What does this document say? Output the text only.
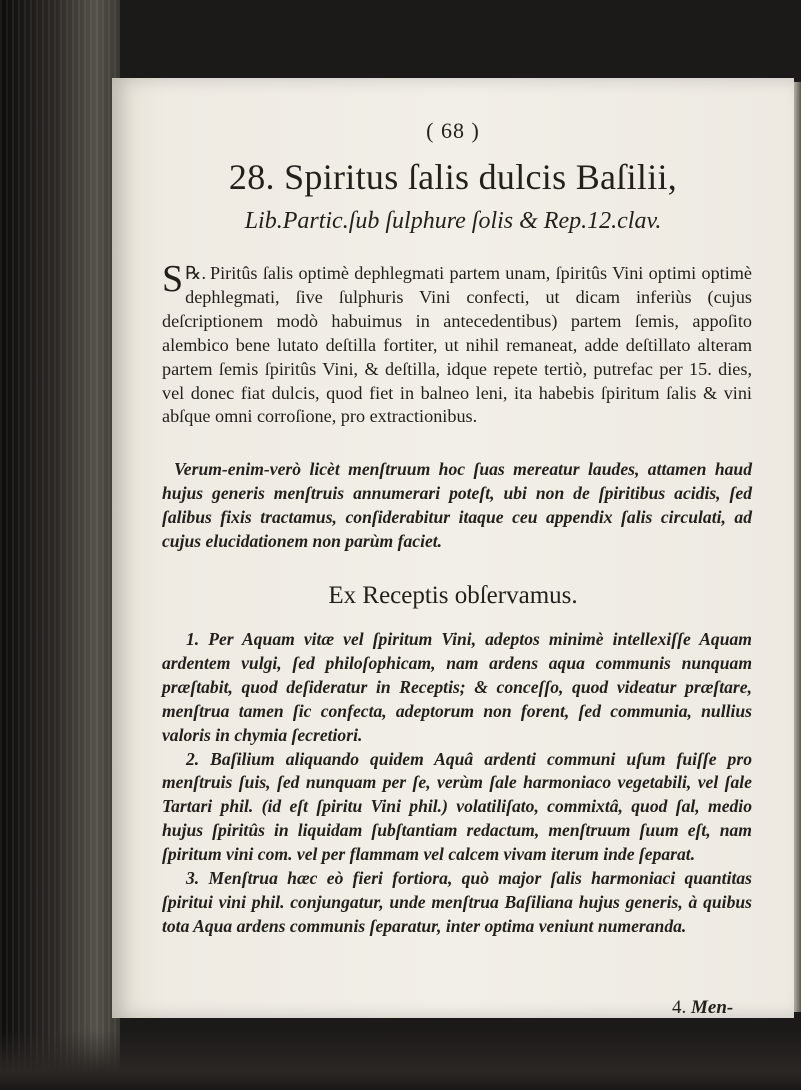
( 68 )
28. Spiritus ſalis dulcis Baſilii,
Lib.Partic.ſub ſulphure ſolis & Rep.12.clav.
℞.
S Piritûs ſalis optimè dephlegmati partem unam, ſpiritûs Vini optimi optimè dephlegmati, ſive ſulphuris Vini confecti, ut dicam inferiùs (cujus deſcriptionem modò habuimus in antecedentibus) partem ſemis, appoſito alembico bene lutato deſtilla fortiter, ut nihil remaneat, adde deſtillato alteram partem ſemis ſpiritûs Vini, & deſtilla, idque repete tertiò, putrefac per 15. dies, vel donec fiat dulcis, quod fiet in balneo leni, ita habebis ſpiritum ſalis & vini abſque omni corroſione, pro extractionibus.
Verum-enim-verò licèt menſtruum hoc ſuas mereatur laudes, attamen haud hujus generis menſtruis annumerari poteſt, ubi non de ſpiritibus acidis, ſed ſalibus fixis tractamus, conſiderabitur itaque ceu appendix ſalis circulati, ad cujus elucidationem non parùm faciet.
Ex Receptis obſervamus.

1. Per Aquam vitæ vel ſpiritum Vini, adeptos minimè intellexiſſe Aquam ardentem vulgi, ſed philoſophicam, nam ardens aqua communis nunquam præſtabit, quod deſideratur in Receptis; & conceſſo, quod videatur præſtare, menſtrua tamen ſic confecta, adeptorum non forent, ſed communia, nullius valoris in chymia ſecretiori.

2. Baſilium aliquando quidem Aquâ ardenti communi uſum fuiſſe pro menſtruis ſuis, ſed nunquam per ſe, verùm ſale harmoniaco vegetabili, vel ſale Tartari phil. (id eſt ſpiritu Vini phil.) volatiliſato, commixtâ, quod ſal, medio hujus ſpiritûs in liquidam ſubſtantiam redactum, menſtruum ſuum eſt, nam ſpiritum vini com. vel per flammam vel calcem vivam iterum inde ſeparat.

3. Menſtrua hæc eò fieri fortiora, quò major ſalis harmoniaci quantitas ſpiritui vini phil. conjungatur, unde menſtrua Baſiliana hujus generis, à quibus tota Aqua ardens communis ſeparatur, inter optima veniunt numeranda.

4. Men-
